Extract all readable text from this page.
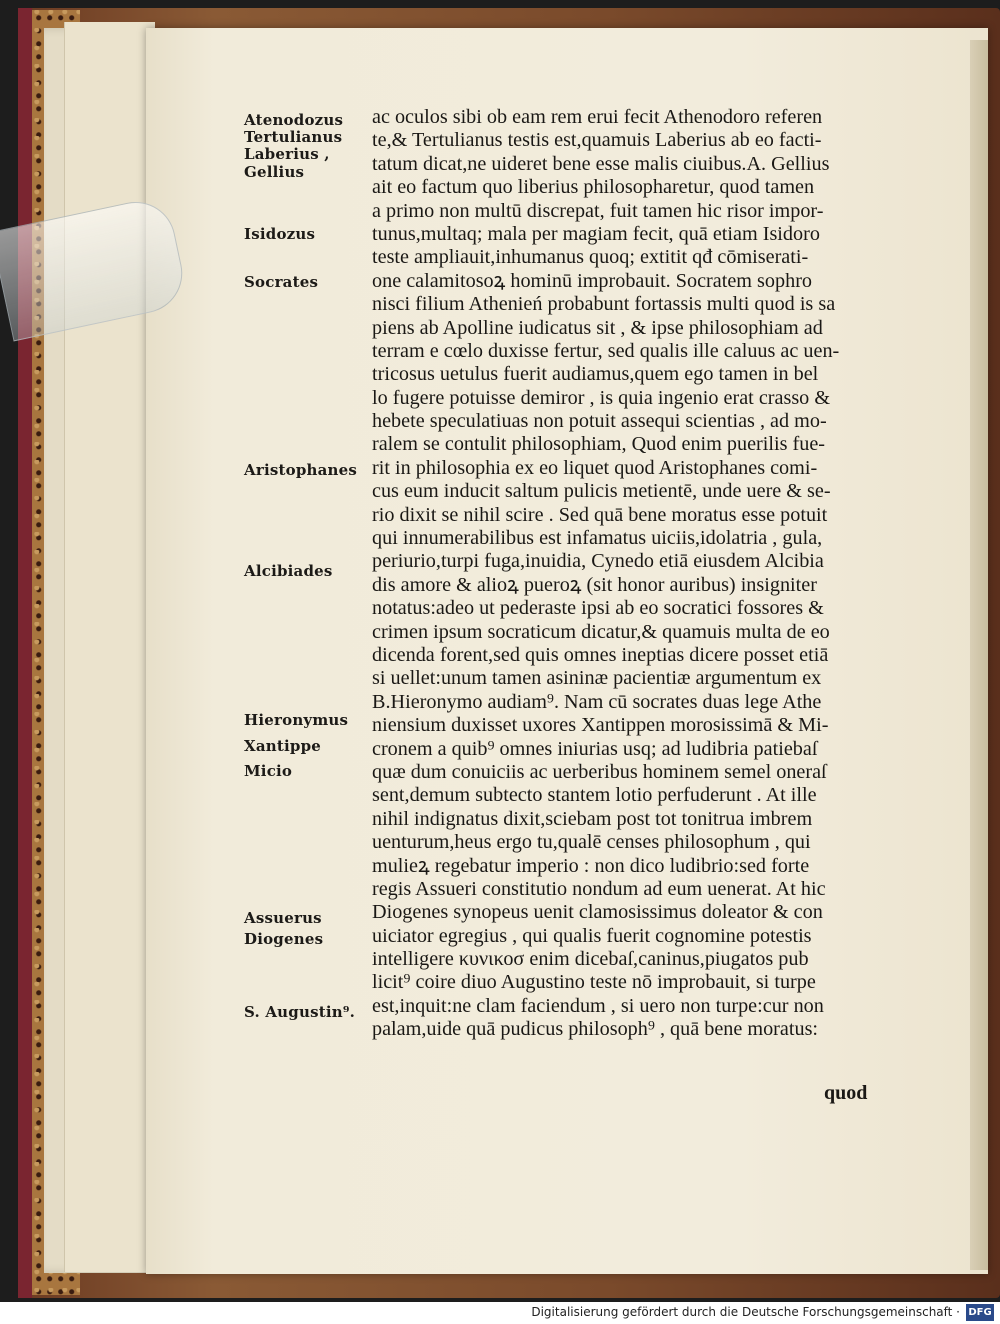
Atenodozus
Tertulianus
Laberius ,
Gellius
Isidozus
Socrates
Aristophanes
Alcibiades
Hieronymus
Xantippe
Micio
Assuerus
Diogenes
S. Augustin⁹.
ac oculos sibi ob eam rem erui fecit Athenodoro referen
te,& Tertulianus testis est,quamuis Laberius ab eo facti-
tatum dicat,ne uideret bene esse malis ciuibus.A. Gellius
ait eo factum quo liberius philosopharetur, quod tamen
a primo non multū discrepat, fuit tamen hic risor impor-
tunus,multaq; mala per magiam fecit, quā etiam Isidoro
teste ampliauit,inhumanus quoq; extitit qđ cōmiserati-
one calamitosoꝝ hominū improbauit. Socratem sophro
nisci filium Athenień probabunt fortassis multi quod is sa
piens ab Apolline iudicatus sit , & ipse philosophiam ad
terram e cœlo duxisse fertur, sed qualis ille caluus ac uen-
tricosus uetulus fuerit audiamus,quem ego tamen in bel
lo fugere potuisse demiror , is quia ingenio erat crasso &
hebete speculatiuas non potuit assequi scientias , ad mo-
ralem se contulit philosophiam, Quod enim puerilis fue-
rit in philosophia ex eo liquet quod Aristophanes comi-
cus eum inducit saltum pulicis metientē, unde uere & se-
rio dixit se nihil scire . Sed quā bene moratus esse potuit
qui innumerabilibus est infamatus uiciis,idolatria , gula,
periurio,turpi fuga,inuidia, Cynedo etiā eiusdem Alcibia
dis amore & alioꝝ pueroꝝ (sit honor auribus) insigniter
notatus:adeo ut pederaste ipsi ab eo socratici fossores &
crimen ipsum socraticum dicatur,& quamuis multa de eo
dicenda forent,sed quis omnes ineptias dicere posset etiā
si uellet:unum tamen asininæ pacientiæ argumentum ex
B.Hieronymo audiam⁹. Nam cū socrates duas lege Athe
niensium duxisset uxores Xantippen morosissimā & Mi-
cronem a quib⁹ omnes iniurias usq; ad ludibria patiebaſ
quæ dum conuiciis ac uerberibus hominem semel oneraſ
sent,demum subtecto stantem lotio perfuderunt . At ille
nihil indignatus dixit,sciebam post tot tonitrua imbrem
uenturum,heus ergo tu,qualē censes philosophum , qui
mulieꝝ regebatur imperio : non dico ludibrio:sed forte
regis Assueri constitutio nondum ad eum uenerat. At hic
Diogenes synopeus uenit clamosissimus doleator & con
uiciator egregius , qui qualis fuerit cognomine potestis
intelligere κυνικοσ enim dicebaſ,caninus,piugatos pub
licit⁹ coire diuo Augustino teste nō improbauit, si turpe
est,inquit:ne clam faciendum , si uero non turpe:cur non
palam,uide quā pudicus philosoph⁹ , quā bene moratus:
quod
Digitalisierung gefördert durch die Deutsche Forschungsgemeinschaft · DFG
